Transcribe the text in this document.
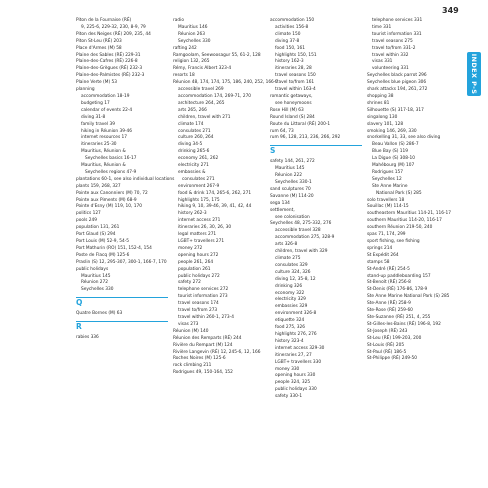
349
INDEX P-S
Piton de la Fournaise (RÉ)
9, 225-6, 229-32, 230, 8-9, 79
Piton des Neiges (RÉ) 209, 235, 44
Piton St-Leu (RÉ) 203
Place d'Armes (M) 58
Plaine des Sables (RÉ) 229-31
Plaine-des-Cafres (RÉ) 226-8
Plaine-des-Grègues (RÉ) 232-3
Plaine-des-Palmistes (RÉ) 232-3
Plaine Verte (M) 53
planning
accommodation 18-19
budgeting 17
calendar of events 22-4
diving 31-8
family travel 39
hiking in Réunion 39-46
internet resources 17
itineraries 25-30
Mauritius, Réunion &
Seychelles basics 16-17
Mauritius, Réunion &
Seychelles regions 47-9
plantations 60-1, see also individual locations
plants 159, 268, 327
Pointe aux Canonniers (M) 70, 72
Pointe aux Piments (M) 68-9
Pointe d'Esny (M) 119, 10, 170
politics 127
pools 249
population 131, 261
Port Glaud (S) 294
Port Louis (M) 52-9, 54-5
Port Mathurin (RO) 151, 152-4, 154
Poste de Flacq (M) 125-6
Praslin (S) 12, 295-307, 300-1, 166-7, 170
public holidays
Mauritius 145
Réunion 272
Seychelles 330
Q
Quatre Bornes (M) 63
R
rabies 336
radio
Mauritius 146
Réunion 263
Seychelles 330
rafting 242
Ramgoolam, Seewoosagur 55, 61-2, 128
religion 132, 265
Rémy, Francis Albert 323-4
resorts 18
Réunion 48, 174, 174, 175, 186, 240, 252, 166-7
accessible travel 269
accommodation 174, 269-71, 270
architecture 264, 265
arts 265, 266
children, travel with 271
climate 174
consulates 271
culture 260, 264
diving 34-5
drinking 265-6
economy 261, 262
electricity 271
embassies &
consulates 271
environment 267-9
food & drink 174, 265-6, 262, 271
highlights 175, 175
hiking 9, 10, 39-46, 39, 41, 42, 44
history 262-3
internet access 271
itineraries 26, 30, 26, 30
legal matters 271
LGBT+ travellers 271
money 272
opening hours 272
people 261, 264
population 261
public holidays 272
safety 272
telephone services 272
tourist information 273
travel seasons 174
travel to/from 273
travel within 260-1, 273-4
visas 273
Réunion (M) 140
Réunion des Remparts (RÉ) 244
Rivière du Rempart (M) 124
Rivière Langevin (RÉ) 12, 245-6, 12, 166
Roches Noires (M) 125-6
rock climbing 211
Rodrigues 49, 150-164, 152
accommodation 150
activities 156-8
climate 150
diving 37-8
food 150, 161
highlights 150, 151
history 162-3
itineraries 28, 28
travel seasons 150
travel to/from 161
travel within 163-4
romantic getaways,
see honeymoons
Rose Hill (M) 63
Round Island (S) 284
Route du Littoral (RÉ) 200-1
rum 64, 73
rum 96, 128, 213, 236, 266, 292
S
safety 144, 261, 272
Mauritius 145
Réunion 222
Seychelles 330-1
sand sculptures 70
Savanne (M) 114-20
sega 134
settlement,
see colonisation
Seychelles 48, 275-332, 276
accessible travel 328
accommodation 275, 328-9
arts 326-8
children, travel with 329
climate 275
consulates 329
culture 324, 326
diving 12, 35-8, 12
drinking 326
economy 322
electricity 329
embassies 329
environment 326-8
etiquette 324
food 275, 326
highlights 276, 276
history 323-4
internet access 329-30
itineraries 27, 27
LGBT+ travellers 330
money 330
opening hours 330
people 324, 325
public holidays 330
safety 330-1
telephone services 331
time 331
tourist information 331
travel seasons 275
travel to/from 331-2
travel within 332
visas 331
volunteering 331
Seychelles black parrot 296
Seychelles blue pigeon 306
shark attacks 194, 261, 272
shopping 38
shrines 81
Silhouette (S) 317-18, 317
singalong 130
slavery 101, 128
smoking 146, 269, 330
snorkelling 31, 33, see also diving
Beau Vallon (S) 286-7
Blue Bay (S) 119
La Digue (S) 308-10
Mahébourg (M) 107
Rodrigues 157
Seychelles 12
Ste Anne Marine
National Park (S) 285
solo travellers 18
Souillac (M) 114-15
southeastern Mauritius 114-21, 116-17
southern Mauritius 114-20, 116-17
southern Réunion 219-50, 240
spas 71, 174, 299
sport fishing, see fishing
springs 214
St Expédit 264
stamps 58
St-André (RÉ) 254-5
stand-up paddleboarding 157
St-Benoît (RÉ) 256-8
St-Denis (RÉ) 176-86, 178-9
Ste Anne Marine National Park (S) 285
Ste-Anne (RÉ) 258-9
Ste-Rose (RÉ) 259-60
Ste-Suzanne (RÉ) 251, 4, 255
St-Gilles-les-Bains (RÉ) 196-8, 192
St-Joseph (RÉ) 243
St-Leu (RÉ) 199-203, 200
St-Louis (RÉ) 205
St-Paul (RÉ) 186-5
St-Philippe (RÉ) 249-50
